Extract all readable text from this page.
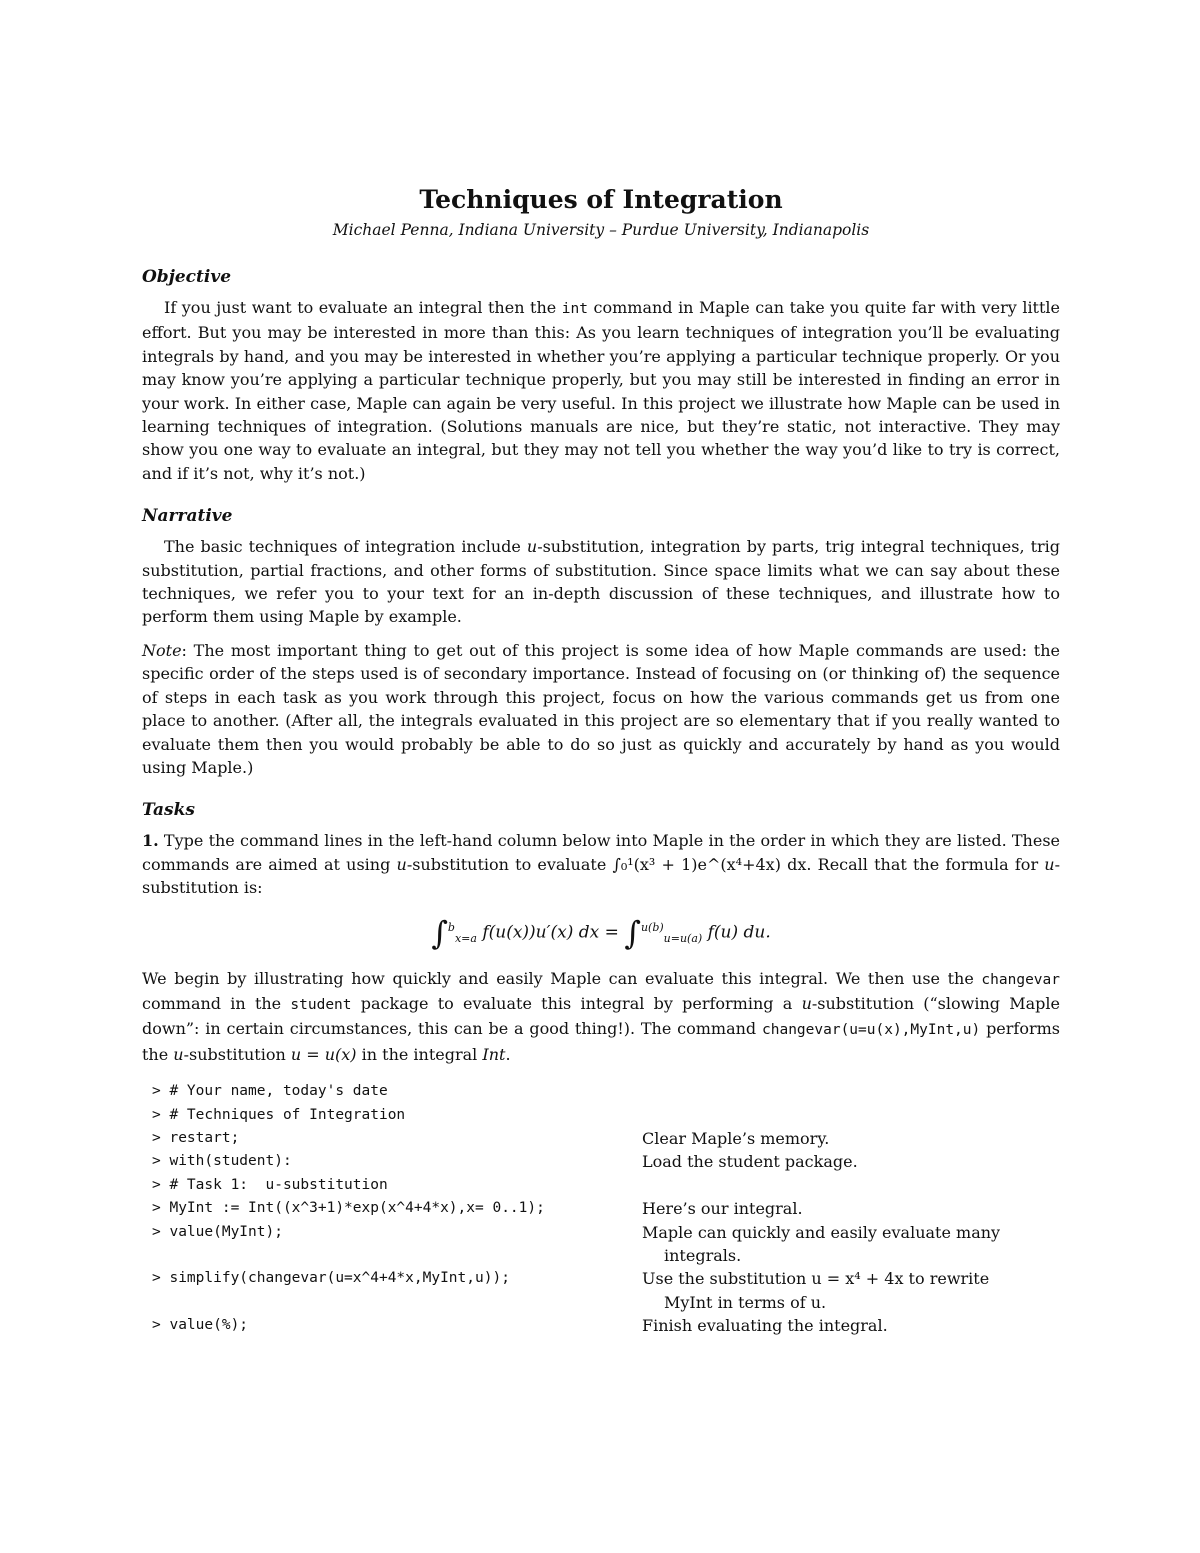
Techniques of Integration
Michael Penna, Indiana University – Purdue University, Indianapolis
Objective

If you just want to evaluate an integral then the int command in Maple can take you quite far with very little effort. But you may be interested in more than this: As you learn techniques of integration you’ll be evaluating integrals by hand, and you may be interested in whether you’re applying a particular technique properly. Or you may know you’re applying a particular technique properly, but you may still be interested in finding an error in your work. In either case, Maple can again be very useful. In this project we illustrate how Maple can be used in learning techniques of integration. (Solutions manuals are nice, but they’re static, not interactive. They may show you one way to evaluate an integral, but they may not tell you whether the way you’d like to try is correct, and if it’s not, why it’s not.)

Narrative

The basic techniques of integration include u-substitution, integration by parts, trig integral techniques, trig substitution, partial fractions, and other forms of substitution. Since space limits what we can say about these techniques, we refer you to your text for an in-depth discussion of these techniques, and illustrate how to perform them using Maple by example.

Note: The most important thing to get out of this project is some idea of how Maple commands are used: the specific order of the steps used is of secondary importance. Instead of focusing on (or thinking of) the sequence of steps in each task as you work through this project, focus on how the various commands get us from one place to another. (After all, the integrals evaluated in this project are so elementary that if you really wanted to evaluate them then you would probably be able to do so just as quickly and accurately by hand as you would using Maple.)

Tasks

1. Type the command lines in the left-hand column below into Maple in the order in which they are listed. These commands are aimed at using u-substitution to evaluate ∫₀¹(x³ + 1)e^(x⁴+4x) dx. Recall that the formula for u-substitution is:

∫$^b_{x=a}$ f(u(x))u′(x) dx = ∫$^{u(b)}_{u=u(a)}$ f(u) du.

We begin by illustrating how quickly and easily Maple can evaluate this integral. We then use the changevar command in the student package to evaluate this integral by performing a u-substitution (“slowing Maple down”: in certain circumstances, this can be a good thing!). The command changevar(u=u(x),MyInt,u) performs the u-substitution u = u(x) in the integral Int.

> # Your name, today's date	

> # Techniques of Integration	

> restart;	Clear Maple’s memory.

> with(student):	Load the student package.

> # Task 1:  u-substitution	

> MyInt := Int((x^3+1)*exp(x^4+4*x),x= 0..1);	Here’s our integral.

> value(MyInt);	Maple can quickly and easily evaluate many
integrals.

> simplify(changevar(u=x^4+4*x,MyInt,u));	Use the substitution u = x⁴ + 4x to rewrite
MyInt in terms of u.

> value(%);	Finish evaluating the integral.
